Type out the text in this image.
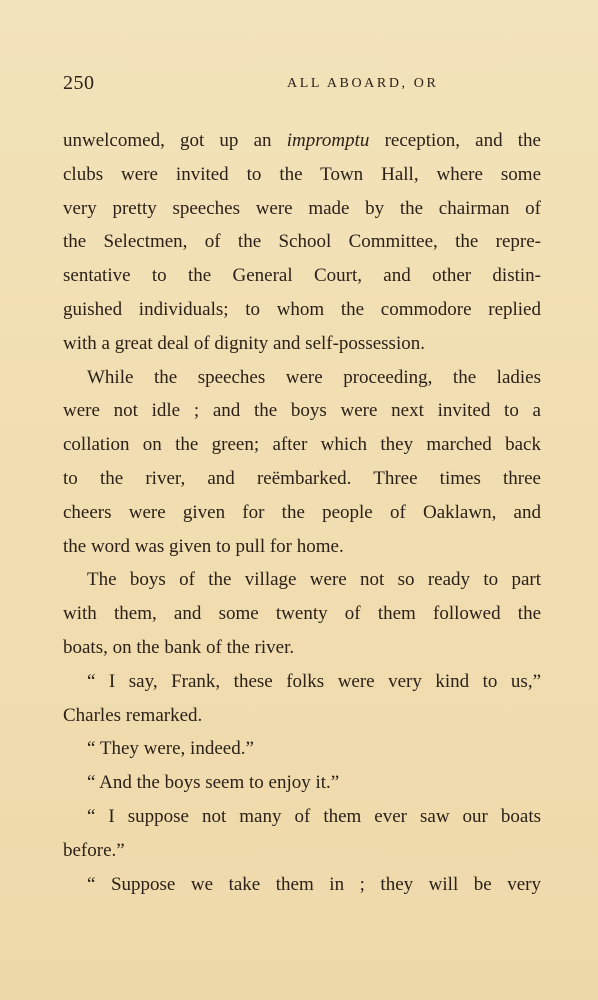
250	ALL ABOARD, OR
unwelcomed, got up an impromptu reception, and the
clubs were invited to the Town Hall, where some
very pretty speeches were made by the chairman of
the Selectmen, of the School Committee, the repre-
sentative to the General Court, and other distin-
guished individuals; to whom the commodore replied
with a great deal of dignity and self-possession.
While the speeches were proceeding, the ladies
were not idle ; and the boys were next invited to a
collation on the green; after which they marched back
to the river, and reëmbarked. Three times three
cheers were given for the people of Oaklawn, and
the word was given to pull for home.
The boys of the village were not so ready to part
with them, and some twenty of them followed the
boats, on the bank of the river.
“ I say, Frank, these folks were very kind to us,”
Charles remarked.
“ They were, indeed.”
“ And the boys seem to enjoy it.”
“ I suppose not many of them ever saw our boats
before.”
“ Suppose we take them in ; they will be very
